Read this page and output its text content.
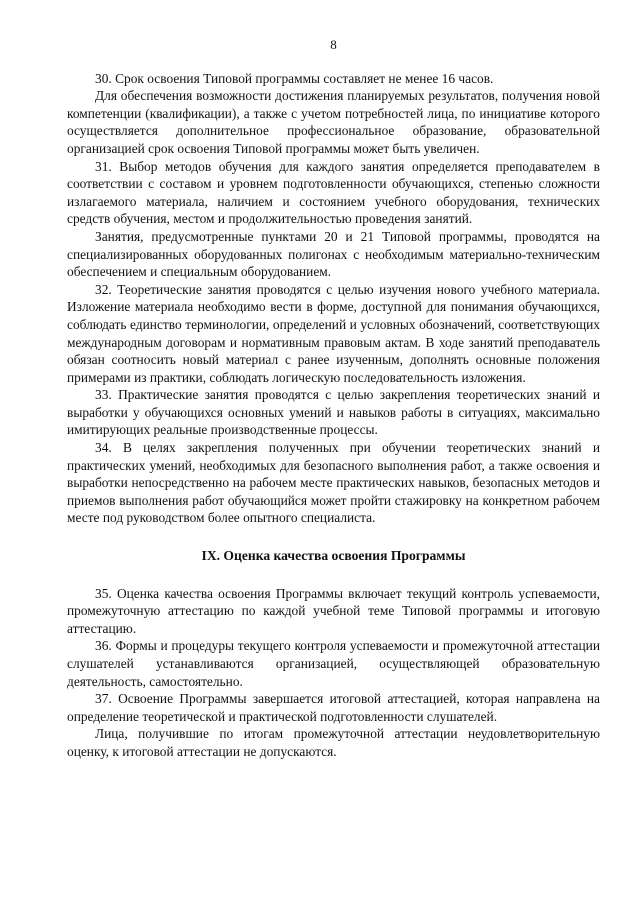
8

30. Срок освоения Типовой программы составляет не менее 16 часов.

Для обеспечения возможности достижения планируемых результатов, получения новой компетенции (квалификации), а также с учетом потребностей лица, по инициативе которого осуществляется дополнительное профессиональное образование, образовательной организацией срок освоения Типовой программы может быть увеличен.

31. Выбор методов обучения для каждого занятия определяется преподавателем в соответствии с составом и уровнем подготовленности обучающихся, степенью сложности излагаемого материала, наличием и состоянием учебного оборудования, технических средств обучения, местом и продолжительностью проведения занятий.

Занятия, предусмотренные пунктами 20 и 21 Типовой программы, проводятся на специализированных оборудованных полигонах с необходимым материально-техническим обеспечением и специальным оборудованием.

32. Теоретические занятия проводятся с целью изучения нового учебного материала. Изложение материала необходимо вести в форме, доступной для понимания обучающихся, соблюдать единство терминологии, определений и условных обозначений, соответствующих международным договорам и нормативным правовым актам. В ходе занятий преподаватель обязан соотносить новый материал с ранее изученным, дополнять основные положения примерами из практики, соблюдать логическую последовательность изложения.

33. Практические занятия проводятся с целью закрепления теоретических знаний и выработки у обучающихся основных умений и навыков работы в ситуациях, максимально имитирующих реальные производственные процессы.

34. В целях закрепления полученных при обучении теоретических знаний и практических умений, необходимых для безопасного выполнения работ, а также освоения и выработки непосредственно на рабочем месте практических навыков, безопасных методов и приемов выполнения работ обучающийся может пройти стажировку на конкретном рабочем месте под руководством более опытного специалиста.

IX. Оценка качества освоения Программы

35. Оценка качества освоения Программы включает текущий контроль успеваемости, промежуточную аттестацию по каждой учебной теме Типовой программы и итоговую аттестацию.

36. Формы и процедуры текущего контроля успеваемости и промежуточной аттестации слушателей устанавливаются организацией, осуществляющей образовательную деятельность, самостоятельно.

37. Освоение Программы завершается итоговой аттестацией, которая направлена на определение теоретической и практической подготовленности слушателей.

Лица, получившие по итогам промежуточной аттестации неудовлетворительную оценку, к итоговой аттестации не допускаются.
